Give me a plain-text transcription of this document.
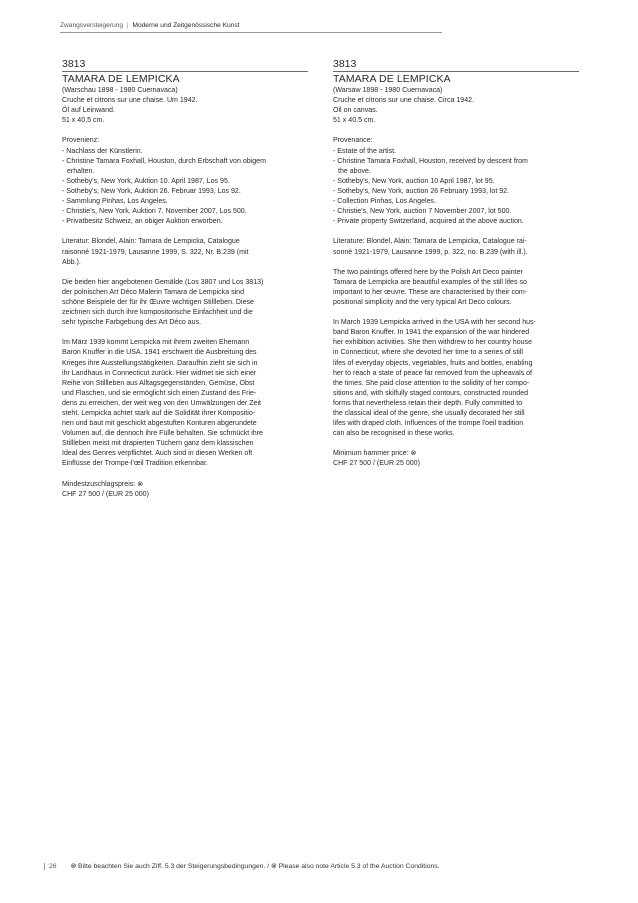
Zwangsversteigerung | Moderne und Zeitgenössische Kunst
3813
TAMARA DE LEMPICKA
(Warschau 1898 - 1980 Cuernavaca)
Cruche et citrons sur une chaise. Um 1942.
Öl auf Leinwand.
51 x 40,5 cm.
Provenienz:
- Nachlass der Künstlerin.
- Christine Tamara Foxhall, Houston, durch Erbschaft von obigem
erhalten.
- Sotheby's, New York, Auktion 10. April 1987, Los 95.
- Sotheby's, New York, Auktion 26. Februar 1993, Los 92.
- Sammlung Pinhas, Los Angeles.
- Christie's, New York, Auktion 7. November 2007, Los 500.
- Privatbesitz Schweiz, an obiger Auktion erworben.
Literatur: Blondel, Alain: Tamara de Lempicka, Catalogue
raisonné 1921-1979, Lausanne 1999, S. 322, Nr. B.239 (mit
Abb.).
Die beiden hier angebotenen Gemälde (Los 3807 und Los 3813)
der polnischen Art Déco Malerin Tamara de Lempicka sind
schöne Beispiele der für ihr Œuvre wichtigen Stillleben. Diese
zeichnen sich durch ihre kompositorische Einfachheit und die
sehr typische Farbgebung des Art Déco aus.
Im März 1939 kommt Lempicka mit ihrem zweiten Ehemann
Baron Knuffer in die USA. 1941 erschwert die Ausbreitung des
Krieges ihre Ausstellungstätigkeiten. Daraufhin zieht sie sich in
ihr Landhaus in Connecticut zurück. Hier widmet sie sich einer
Reihe von Stillleben aus Alltagsgegenständen, Gemüse, Obst
und Flaschen, und sie ermöglicht sich einen Zustand des Frie-
dens zu erreichen, der weit weg von den Umwälzungen der Zeit
steht. Lempicka achtet stark auf die Solidität ihrer Kompositio-
nen und baut mit geschickt abgestuften Konturen abgerundete
Volumen auf, die dennoch ihre Fülle behalten. Sie schmückt ihre
Stillleben meist mit drapierten Tüchern ganz dem klassischen
Ideal des Genres verpflichtet. Auch sind in diesen Werken oft
Einflüsse der Trompe-l'œil Tradition erkennbar.
Mindestzuschlagspreis: ⊗
CHF 27 500 / (EUR 25 000)
3813
TAMARA DE LEMPICKA
(Warsaw 1898 - 1980 Cuernavaca)
Cruche et citrons sur une chaise. Circa 1942.
Oil on canvas.
51 x 40.5 cm.
Provenance:
- Estate of the artist.
- Christine Tamara Foxhall, Houston, received by descent from
the above.
- Sotheby's, New York, auction 10 April 1987, lot 95.
- Sotheby's, New York, auction 26 February 1993, lot 92.
- Collection Pinhas, Los Angeles.
- Christie's, New York, auction 7 November 2007, lot 500.
- Private property Switzerland, acquired at the above auction.
Literature: Blondel, Alain: Tamara de Lempicka, Catalogue rai-
sonné 1921-1979, Lausanne 1999, p. 322, no. B.239 (with ill.).
The two paintings offered here by the Polish Art Deco painter
Tamara de Lempicka are beautiful examples of the still lifes so
important to her œuvre. These are characterised by their com-
positional simplicity and the very typical Art Deco colours.
In March 1939 Lempicka arrived in the USA with her second hus-
band Baron Knuffer. In 1941 the expansion of the war hindered
her exhibition activities. She then withdrew to her country house
in Connecticut, where she devoted her time to a series of still
lifes of everyday objects, vegetables, fruits and bottles, enabling
her to reach a state of peace far removed from the upheavals of
the times. She paid close attention to the solidity of her compo-
sitions and, with skilfully staged contours, constructed rounded
forms that nevertheless retain their depth. Fully committed to
the classical ideal of the genre, she usually decorated her still
lifes with draped cloth. Influences of the trompe l'oeil tradition
can also be recognised in these works.
Minimum hammer price: ⊗
CHF 27 500 / (EUR 25 000)
26 ⊗ Bitte beachten Sie auch Ziff. 5.3 der Steigerungsbedingungen. / ⊗ Please also note Article 5.3 of the Auction Conditions.
